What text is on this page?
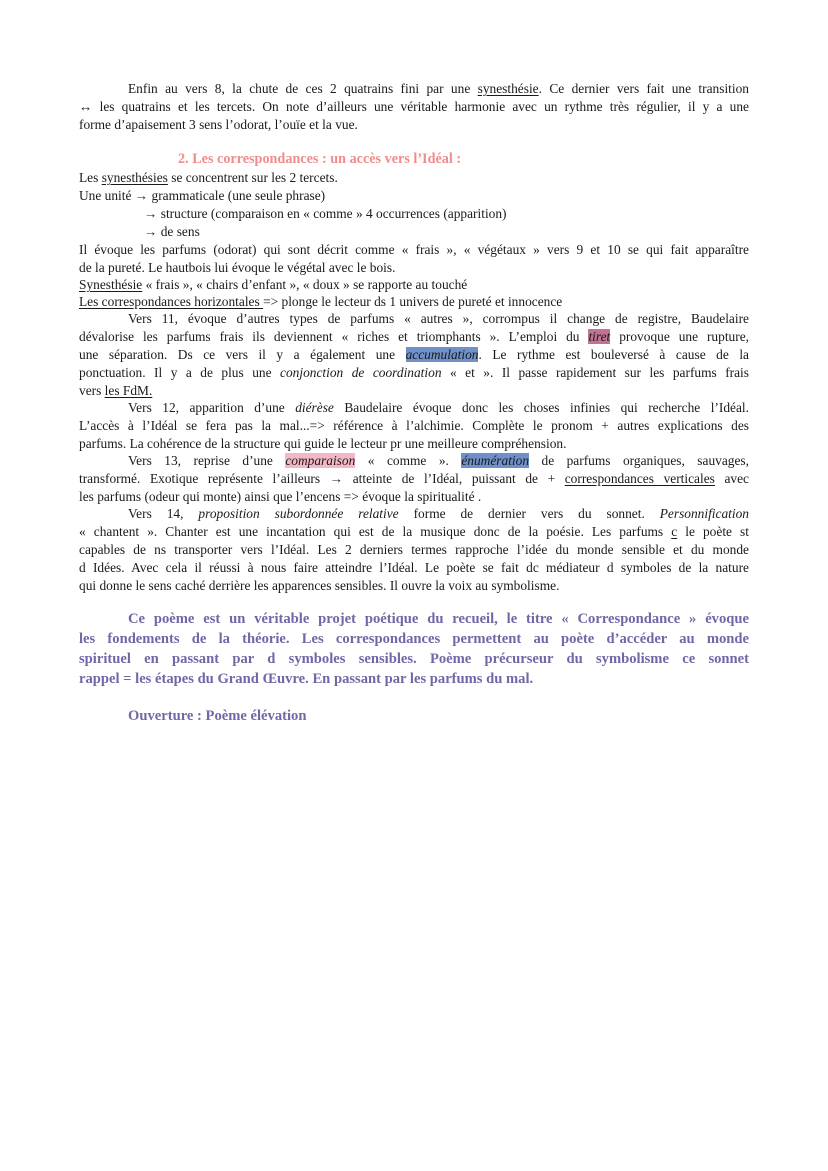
Enfin au vers 8, la chute de ces 2 quatrains fini par une synesthésie. Ce dernier vers fait une transition
↔ les quatrains et les tercets. On note d’ailleurs une véritable harmonie avec un rythme très régulier, il y a une
forme d’apaisement 3 sens l’odorat, l’ouïe et la vue.
2. Les correspondances : un accès vers l’Idéal :
Les synesthésies se concentrent sur les 2 tercets.
Une unité → grammaticale (une seule phrase)
→ structure (comparaison en « comme » 4 occurrences (apparition)
→ de sens
Il évoque les parfums (odorat) qui sont décrit comme « frais », « végétaux » vers 9 et 10 se qui fait apparaître
de la pureté. Le hautbois lui évoque le végétal avec le bois.
Synesthésie « frais », « chairs d’enfant », « doux » se rapporte au touché
Les correspondances horizontales => plonge le lecteur ds 1 univers de pureté et innocence
Vers 11, évoque d’autres types de parfums « autres », corrompus il change de registre, Baudelaire
dévalorise les parfums frais ils deviennent « riches et triomphants ». L’emploi du tiret provoque une rupture,
une séparation. Ds ce vers il y a également une accumulation. Le rythme est bouleversé à cause de la
ponctuation. Il y a de plus une conjonction de coordination « et ». Il passe rapidement sur les parfums frais
vers les FdM.
Vers 12, apparition d’une diérèse Baudelaire évoque donc les choses infinies qui recherche l’Idéal.
L’accès à l’Idéal se fera pas la mal...=> référence à l’alchimie. Complète le pronom + autres explications des
parfums. La cohérence de la structure qui guide le lecteur pr une meilleure compréhension.
Vers 13, reprise d’une comparaison « comme ». énumération de parfums organiques, sauvages,
transformé. Exotique représente l’ailleurs → atteinte de l’Idéal, puissant de + correspondances verticales avec
les parfums (odeur qui monte) ainsi que l’encens => évoque la spiritualité .
Vers 14, proposition subordonnée relative forme de dernier vers du sonnet. Personnification
« chantent ». Chanter est une incantation qui est de la musique donc de la poésie. Les parfums c le poète st
capables de ns transporter vers l’Idéal. Les 2 derniers termes rapproche l’idée du monde sensible et du monde
d Idées. Avec cela il réussi à nous faire atteindre l’Idéal. Le poète se fait dc médiateur d symboles de la nature
qui donne le sens caché derrière les apparences sensibles. Il ouvre la voix au symbolisme.
Ce poème est un véritable projet poétique du recueil, le titre « Correspondance » évoque
les fondements de la théorie. Les correspondances permettent au poète d’accéder au monde
spirituel en passant par d symboles sensibles. Poème précurseur du symbolisme ce sonnet
rappel = les étapes du Grand Œuvre. En passant par les parfums du mal.
Ouverture : Poème élévation
